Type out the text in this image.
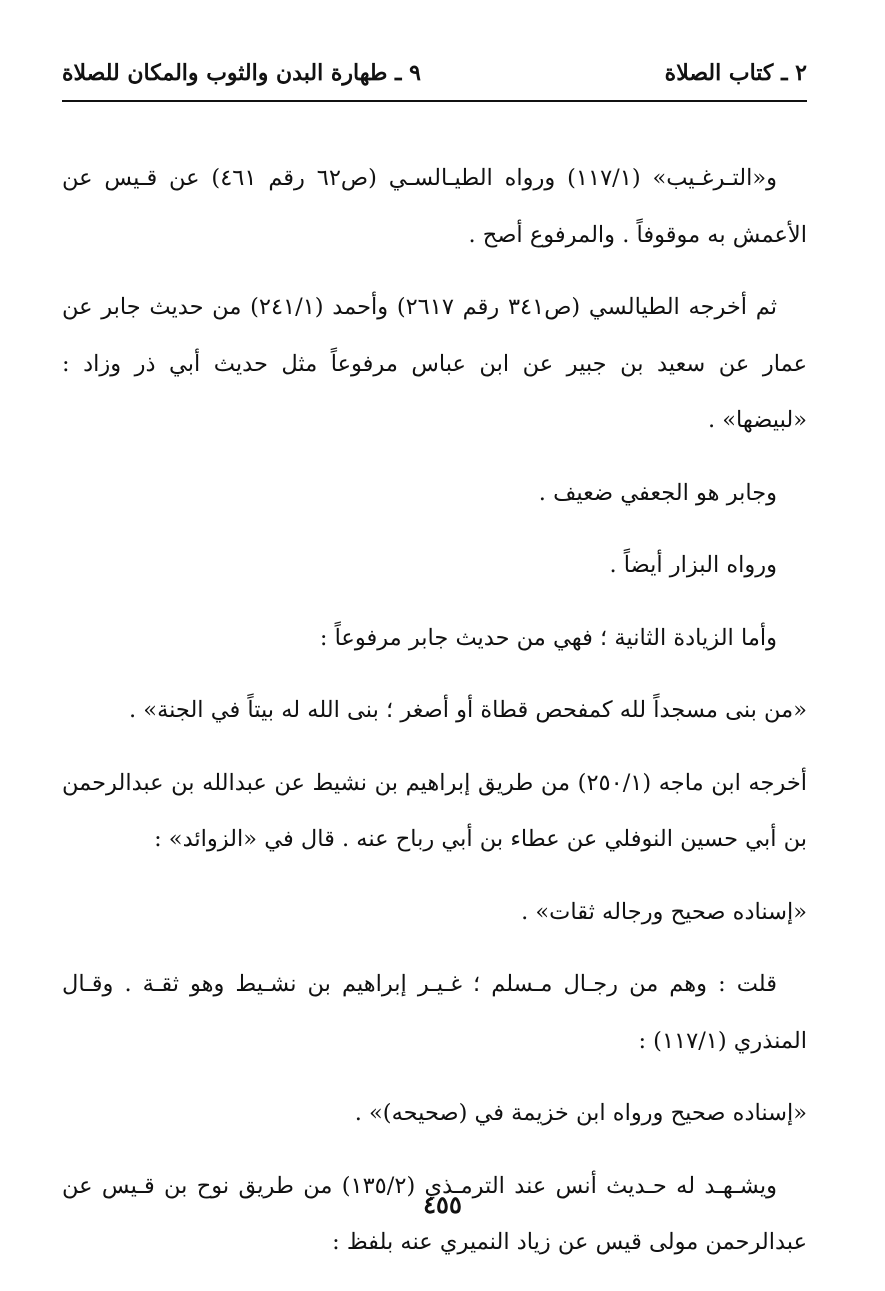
٢ ـ كتاب الصلاة
٩ ـ طهارة البدن والثوب والمكان للصلاة

و«التـرغـيب» (١١٧/١) ورواه الطيـالسـي (ص٦٢ رقم ٤٦١) عن قـيس عن الأعمش به موقوفاً . والمرفوع أصح .

ثم أخرجه الطيالسي (ص٣٤١ رقم ٢٦١٧) وأحمد (٢٤١/١) من حديث جابر عن عمار عن سعيد بن جبير عن ابن عباس مرفوعاً مثل حديث أبي ذر وزاد : «لبيضها» .

وجابر هو الجعفي ضعيف .

ورواه البزار أيضاً .

وأما الزيادة الثانية ؛ فهي من حديث جابر مرفوعاً :

«من بنى مسجداً لله كمفحص قطاة أو أصغر ؛ بنى الله له بيتاً في الجنة» .

أخرجه ابن ماجه (٢٥٠/١) من طريق إبراهيم بن نشيط عن عبدالله بن عبدالرحمن بن أبي حسين النوفلي عن عطاء بن أبي رباح عنه . قال في «الزوائد» :

«إسناده صحيح ورجاله ثقات» .

قلت : وهم من رجـال مـسلم ؛ غـيـر إبراهيم بن نشـيط وهو ثقـة . وقـال المنذري (١١٧/١) :

«إسناده صحيح ورواه ابن خزيمة في (صحيحه)» .

ويشـهـد له حـديث أنس عند الترمـذي (١٣٥/٢) من طريق نوح بن قـيس عن عبدالرحمن مولى قيس عن زياد النميري عنه بلفظ :

٤٥٥
